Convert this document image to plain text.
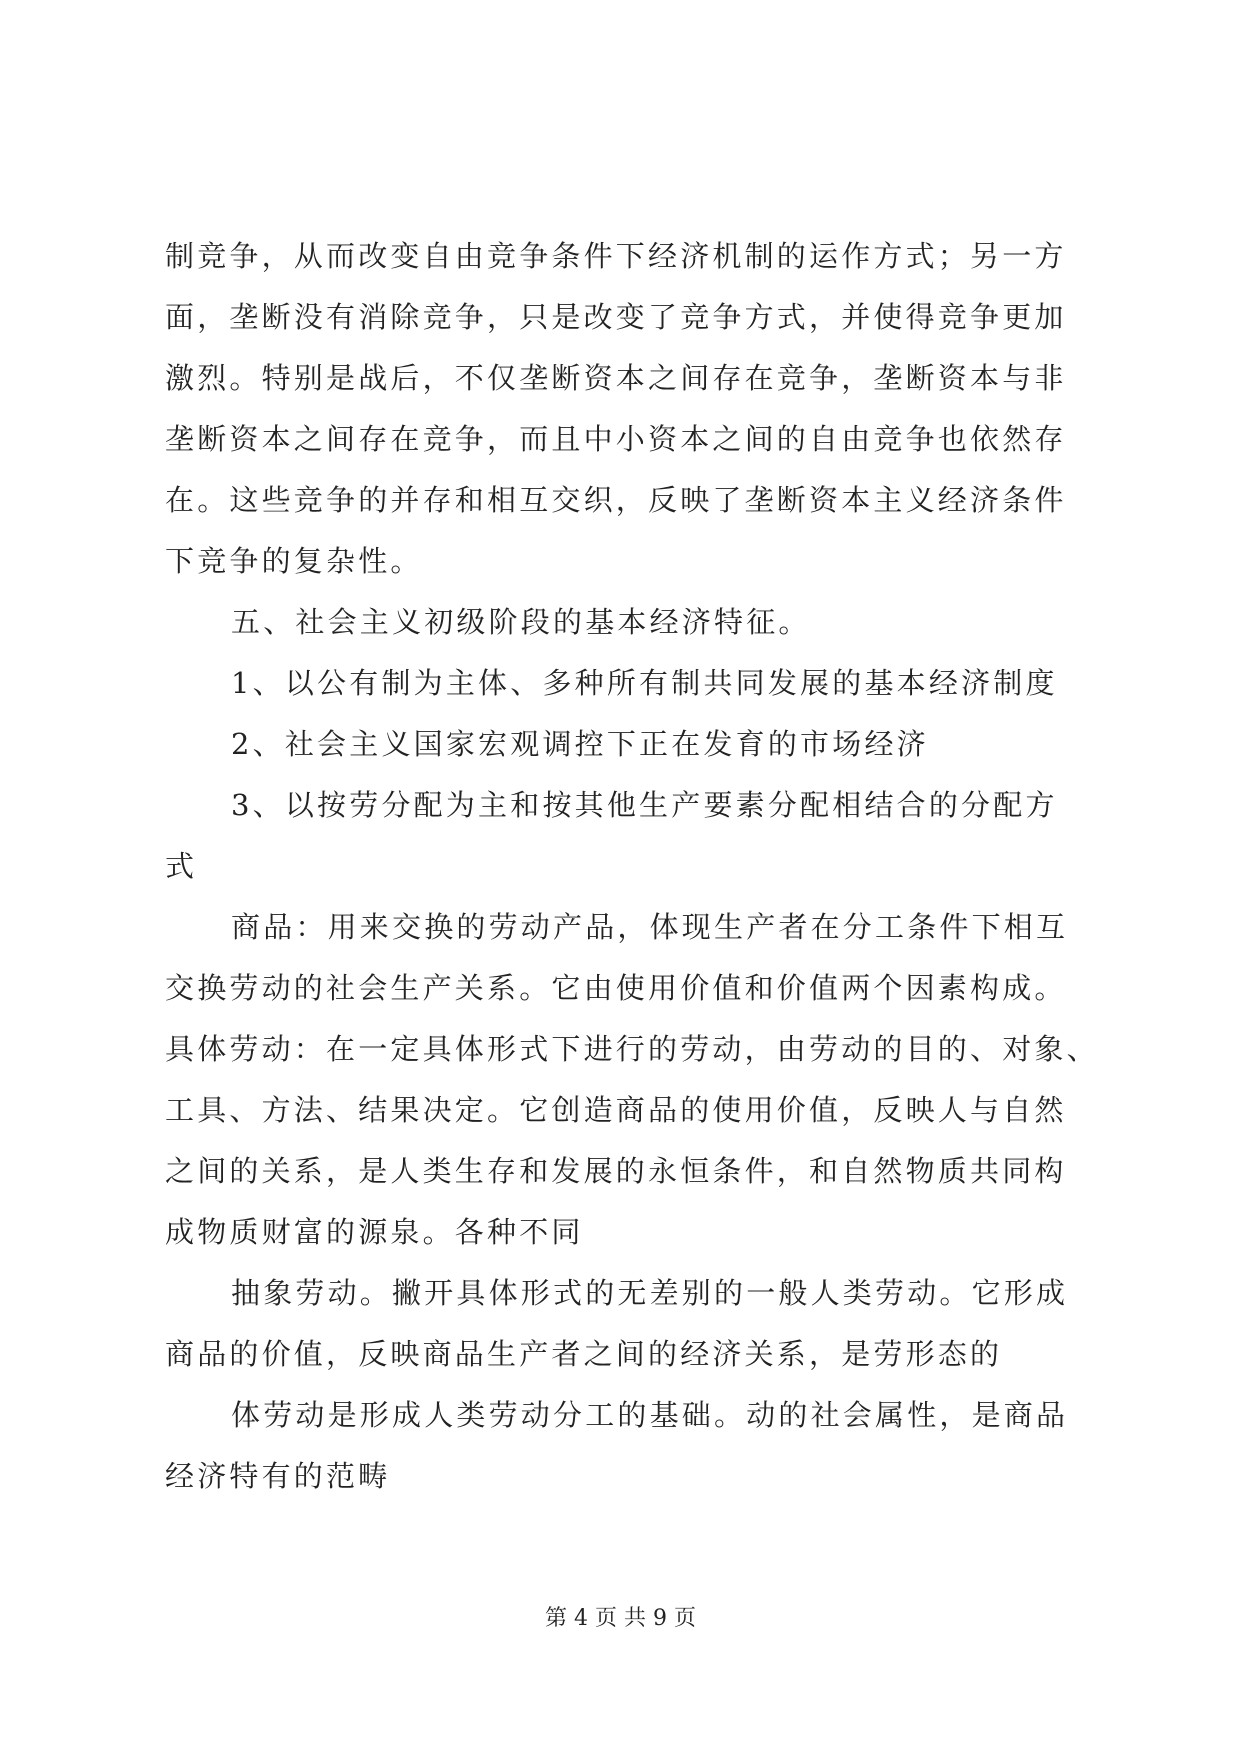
制竞争，从而改变自由竞争条件下经济机制的运作方式；另一方
面，垄断没有消除竞争，只是改变了竞争方式，并使得竞争更加
激烈。特别是战后，不仅垄断资本之间存在竞争，垄断资本与非
垄断资本之间存在竞争，而且中小资本之间的自由竞争也依然存
在。这些竞争的并存和相互交织，反映了垄断资本主义经济条件
下竞争的复杂性。
五、社会主义初级阶段的基本经济特征。
1、以公有制为主体、多种所有制共同发展的基本经济制度
2、社会主义国家宏观调控下正在发育的市场经济
3、以按劳分配为主和按其他生产要素分配相结合的分配方
式
商品：用来交换的劳动产品，体现生产者在分工条件下相互
交换劳动的社会生产关系。它由使用价值和价值两个因素构成。
具体劳动：在一定具体形式下进行的劳动，由劳动的目的、对象、
工具、方法、结果决定。它创造商品的使用价值，反映人与自然
之间的关系，是人类生存和发展的永恒条件，和自然物质共同构
成物质财富的源泉。各种不同
抽象劳动。撇开具体形式的无差别的一般人类劳动。它形成
商品的价值，反映商品生产者之间的经济关系，是劳形态的
体劳动是形成人类劳动分工的基础。动的社会属性，是商品
经济特有的范畴
第 4 页 共 9 页
